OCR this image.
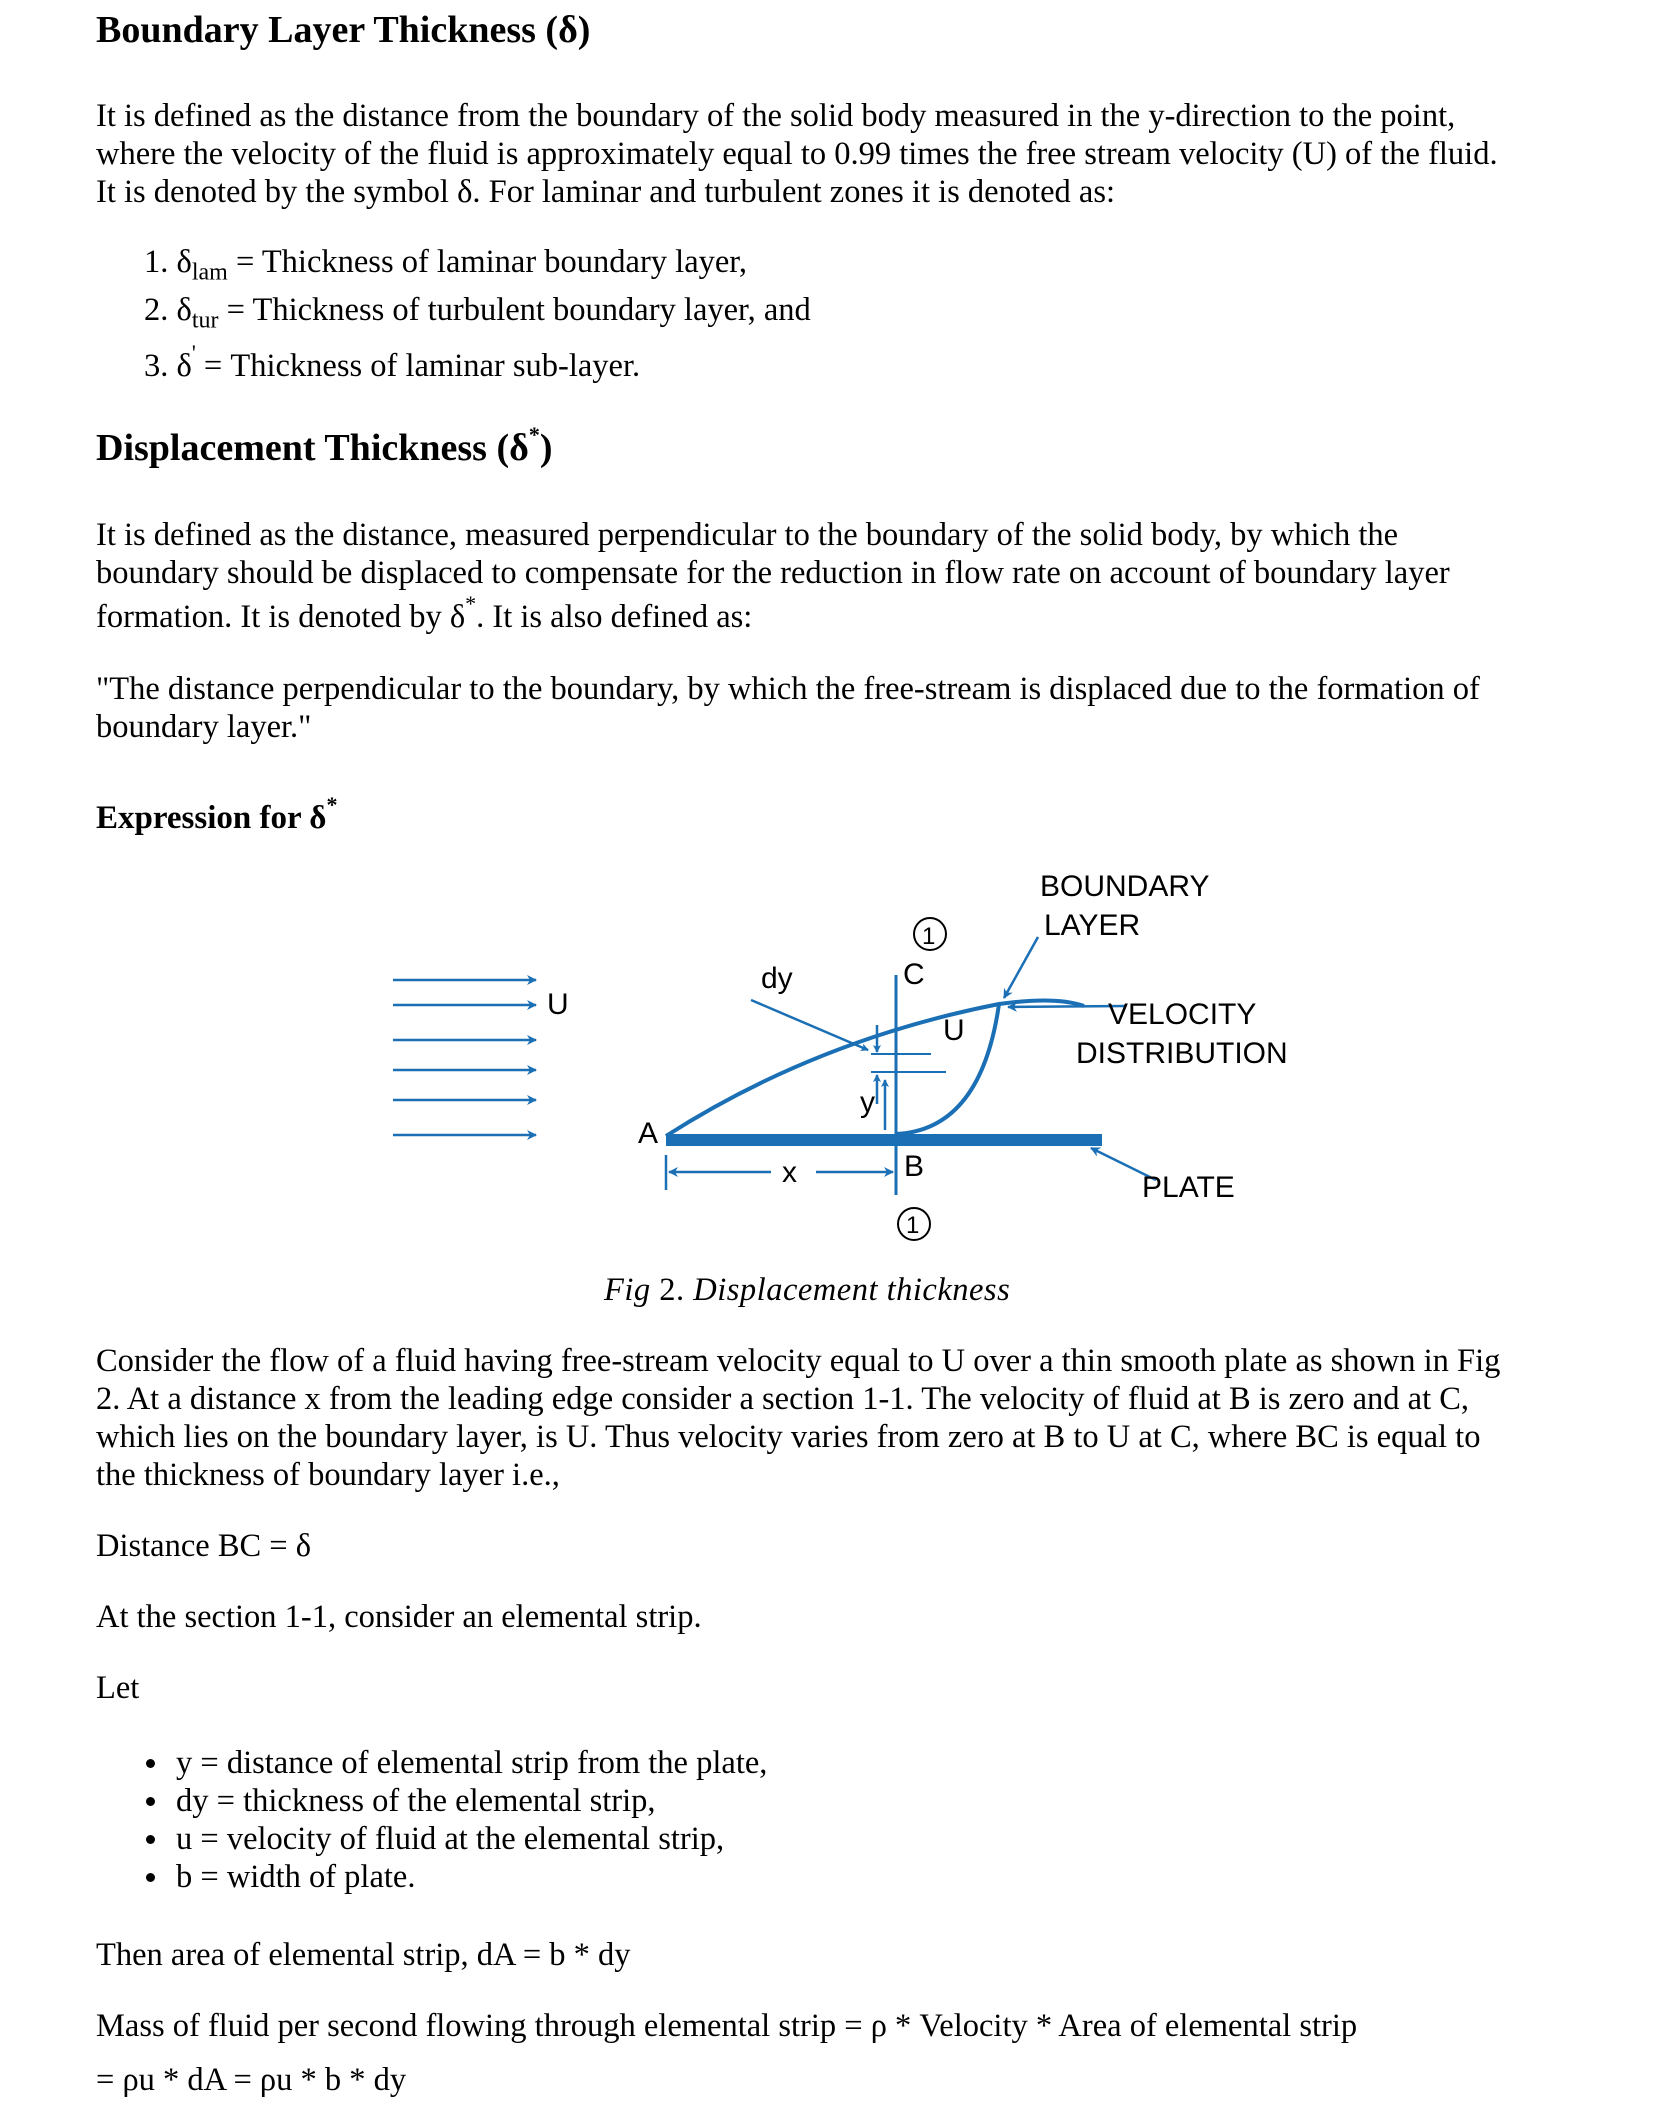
Boundary Layer Thickness (δ)

It is defined as the distance from the boundary of the solid body measured in the y-direction to the point,

where the velocity of the fluid is approximately equal to 0.99 times the free stream velocity (U) of the fluid.

It is denoted by the symbol δ. For laminar and turbulent zones it is denoted as:

1. $\delta_{lam}$ = Thickness of laminar boundary layer,
2. $\delta_{tur}$ = Thickness of turbulent boundary layer, and
3. δ' = Thickness of laminar sub-layer.
Displacement Thickness (δ*)

It is defined as the distance, measured perpendicular to the boundary of the solid body, by which the

boundary should be displaced to compensate for the reduction in flow rate on account of boundary layer

formation. It is denoted by δ*. It is also defined as:

"The distance perpendicular to the boundary, by which the free-stream is displaced due to the formation of

boundary layer."

Expression for δ*
U
dy
1
C
U
BOUNDARY
LAYER
VELOCITY
DISTRIBUTION
y
A
B
x
1
PLATE
Fig 2. Displacement thickness

Consider the flow of a fluid having free-stream velocity equal to U over a thin smooth plate as shown in Fig

2. At a distance x from the leading edge consider a section 1-1. The velocity of fluid at B is zero and at C,

which lies on the boundary layer, is U. Thus velocity varies from zero at B to U at C, where BC is equal to

the thickness of boundary layer i.e.,

Distance BC = δ

At the section 1-1, consider an elemental strip.

Let

y = distance of elemental strip from the plate,
dy = thickness of the elemental strip,
u = velocity of fluid at the elemental strip,
b = width of plate.

Then area of elemental strip, dA = b * dy

Mass of fluid per second flowing through elemental strip = ρ * Velocity * Area of elemental strip

= ρu * dA = ρu * b * dy
